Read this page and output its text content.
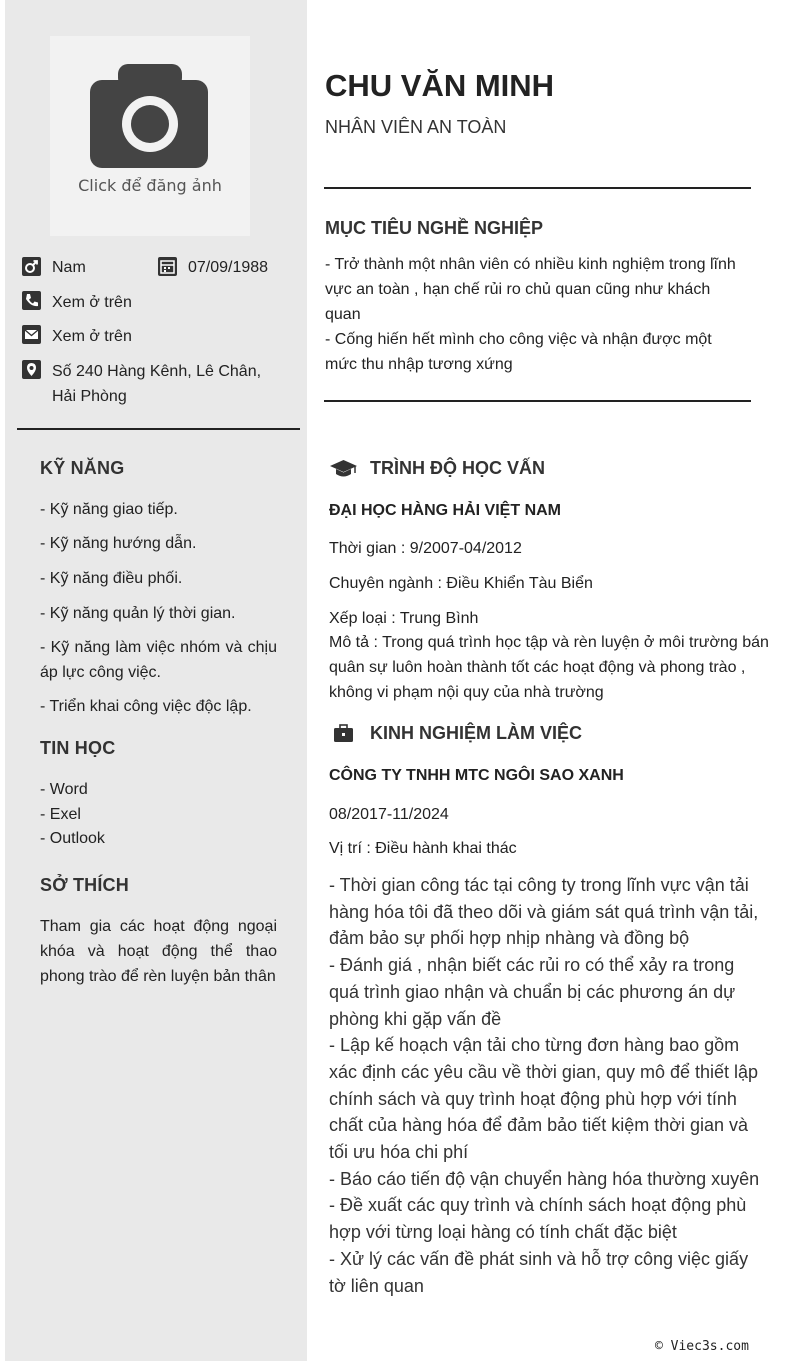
Click để đăng ảnh
Nam	07/09/1988
Xem ở trên
Xem ở trên
Số 240 Hàng Kênh, Lê Chân,
Hải Phòng
KỸ NĂNG
- Kỹ năng giao tiếp.
- Kỹ năng hướng dẫn.
- Kỹ năng điều phối.
- Kỹ năng quản lý thời gian.
- Kỹ năng làm việc nhóm và chịu áp lực công việc.
- Triển khai công việc độc lập.
TIN HỌC
- Word
- Exel
- Outlook
SỞ THÍCH
Tham gia các hoạt động ngoại khóa và hoạt động thể thao phong trào để rèn luyện bản thân
CHU VĂN MINH
NHÂN VIÊN AN TOÀN
MỤC TIÊU NGHỀ NGHIỆP
- Trở thành một nhân viên có nhiều kinh nghiệm trong lĩnh vực an toàn , hạn chế rủi ro chủ quan cũng như khách quan
- Cống hiến hết mình cho công việc và nhận được một mức thu nhập tương xứng
TRÌNH ĐỘ HỌC VẤN
ĐẠI HỌC HÀNG HẢI VIỆT NAM
Thời gian : 9/2007-04/2012
Chuyên ngành : Điều Khiển Tàu Biển
Xếp loại : Trung Bình
Mô tả : Trong quá trình học tập và rèn luyện ở môi trường bán quân sự luôn hoàn thành tốt các hoạt động và phong trào , không vi phạm nội quy của nhà trường
KINH NGHIỆM LÀM VIỆC
CÔNG TY TNHH MTC NGÔI SAO XANH
08/2017-11/2024
Vị trí : Điều hành khai thác
- Thời gian công tác tại công ty trong lĩnh vực vận tải hàng hóa tôi đã theo dõi và giám sát quá trình vận tải, đảm bảo sự phối hợp nhịp nhàng và đồng bộ
- Đánh giá , nhận biết các rủi ro có thể xảy ra trong quá trình giao nhận và chuẩn bị các phương án dự phòng khi gặp vấn đề
- Lập kế hoạch vận tải cho từng đơn hàng bao gồm xác định các yêu cầu về thời gian, quy mô để thiết lập chính sách và quy trình hoạt động phù hợp với tính chất của hàng hóa để đảm bảo tiết kiệm thời gian và tối ưu hóa chi phí
- Báo cáo tiến độ vận chuyển hàng hóa thường xuyên
- Đề xuất các quy trình và chính sách hoạt động phù hợp với từng loại hàng có tính chất đặc biệt
- Xử lý các vấn đề phát sinh và hỗ trợ công việc giấy tờ liên quan
© Viec3s.com
